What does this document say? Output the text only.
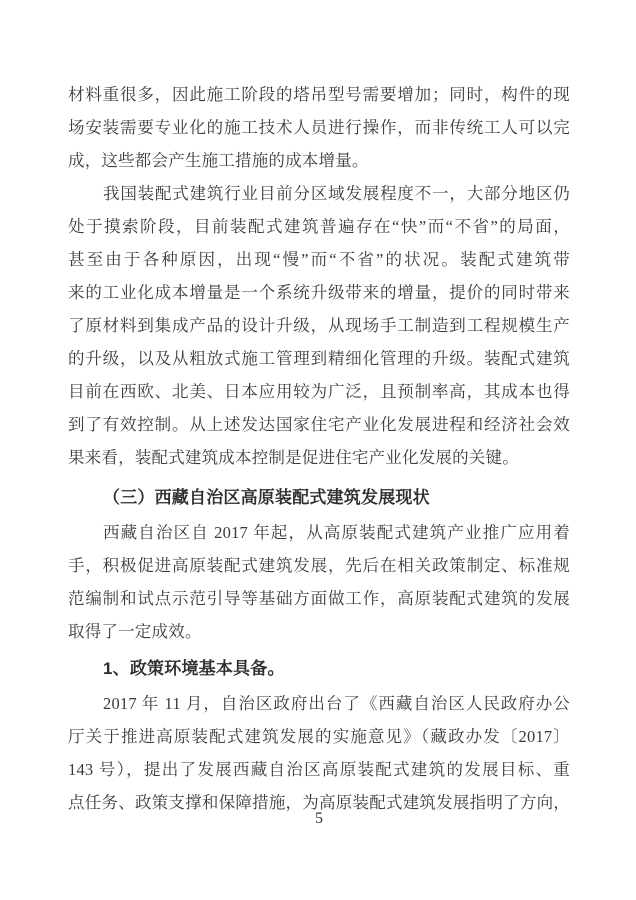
材料重很多，因此施工阶段的塔吊型号需要增加；同时，构件的现
场安装需要专业化的施工技术人员进行操作，而非传统工人可以完
成，这些都会产生施工措施的成本增量。
我国装配式建筑行业目前分区域发展程度不一，大部分地区仍
处于摸索阶段，目前装配式建筑普遍存在“快”而“不省”的局面，
甚至由于各种原因，出现“慢”而“不省”的状况。装配式建筑带
来的工业化成本增量是一个系统升级带来的增量，提价的同时带来
了原材料到集成产品的设计升级，从现场手工制造到工程规模生产
的升级，以及从粗放式施工管理到精细化管理的升级。装配式建筑
目前在西欧、北美、日本应用较为广泛，且预制率高，其成本也得
到了有效控制。从上述发达国家住宅产业化发展进程和经济社会效
果来看，装配式建筑成本控制是促进住宅产业化发展的关键。
（三）西藏自治区高原装配式建筑发展现状
西藏自治区自 2017 年起，从高原装配式建筑产业推广应用着
手，积极促进高原装配式建筑发展，先后在相关政策制定、标准规
范编制和试点示范引导等基础方面做工作，高原装配式建筑的发展
取得了一定成效。
1、政策环境基本具备。
2017 年 11 月，自治区政府出台了《西藏自治区人民政府办公
厅关于推进高原装配式建筑发展的实施意见》（藏政办发〔2017〕
143 号），提出了发展西藏自治区高原装配式建筑的发展目标、重
点任务、政策支撑和保障措施，为高原装配式建筑发展指明了方向，
5
